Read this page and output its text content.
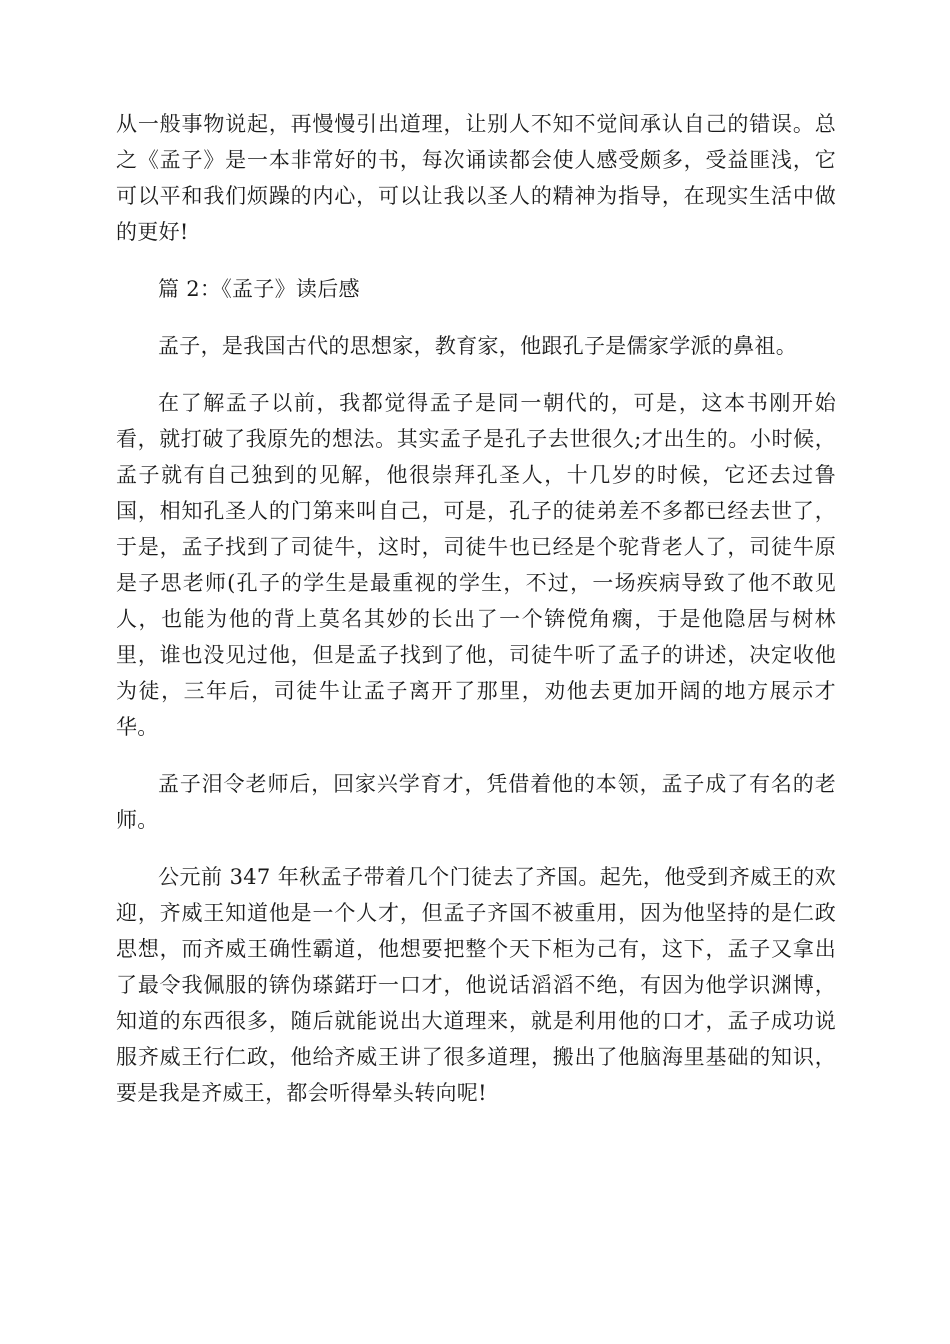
从一般事物说起，再慢慢引出道理，让别人不知不觉间承认自己的错误。总之《孟子》是一本非常好的书，每次诵读都会使人感受颇多，受益匪浅，它可以平和我们烦躁的内心，可以让我以圣人的精神为指导，在现实生活中做的更好!

篇 2：《孟子》读后感

孟子，是我国古代的思想家，教育家，他跟孔子是儒家学派的鼻祖。

在了解孟子以前，我都觉得孟子是同一朝代的，可是，这本书刚开始看，就打破了我原先的想法。其实孟子是孔子去世很久;才出生的。小时候，孟子就有自己独到的见解，他很崇拜孔圣人，十几岁的时候，它还去过鲁国，相知孔圣人的门第来叫自己，可是，孔子的徒弟差不多都已经去世了，于是，孟子找到了司徒牛，这时，司徒牛也已经是个驼背老人了，司徒牛原是子思老师(孔子的学生是最重视的学生，不过，一场疾病导致了他不敢见人，也能为他的背上莫名其妙的长出了一个锛傥角瘸，于是他隐居与树林里，谁也没见过他，但是孟子找到了他，司徒牛听了孟子的讲述，决定收他为徒，三年后，司徒牛让孟子离开了那里，劝他去更加开阔的地方展示才华。

孟子泪令老师后，回家兴学育才，凭借着他的本领，孟子成了有名的老师。

公元前 347 年秋孟子带着几个门徒去了齐国。起先，他受到齐威王的欢迎，齐威王知道他是一个人才，但孟子齐国不被重用，因为他坚持的是仁政思想，而齐威王确性霸道，他想要把整个天下柜为己有，这下，孟子又拿出了最令我佩服的锛伪瑹鍩玗一口才，他说话滔滔不绝，有因为他学识渊博，知道的东西很多，随后就能说出大道理来，就是利用他的口才，孟子成功说服齐威王行仁政，他给齐威王讲了很多道理，搬出了他脑海里基础的知识，要是我是齐威王，都会听得晕头转向呢!
